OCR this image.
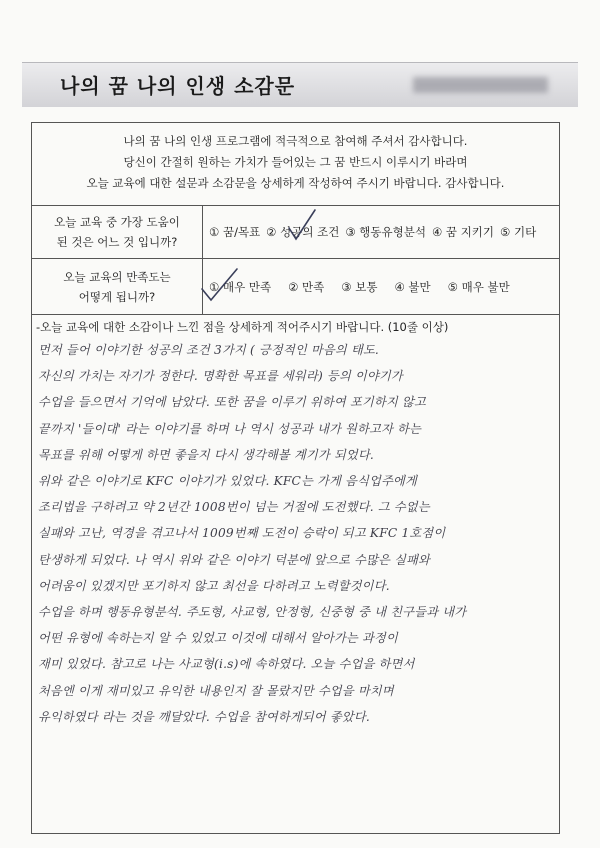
나의 꿈 나의 인생 소감문
나의 꿈 나의 인생 프로그램에 적극적으로 참여해 주셔서 감사합니다.
당신이 간절히 원하는 가치가 들어있는 그 꿈 반드시 이루시기 바라며
오늘 교육에 대한 설문과 소감문을 상세하게 작성하여 주시기 바랍니다. 감사합니다.
오늘 교육 중 가장 도움이
된 것은 어느 것 입니까?
① 꿈/목표 ② 성공의 조건 ③ 행동유형분석 ④ 꿈 지키기 ⑤ 기타
오늘 교육의 만족도는
어떻게 됩니까?
① 매우 만족 ② 만족 ③ 보통 ④ 불만 ⑤ 매우 불만
-오늘 교육에 대한 소감이나 느낀 점을 상세하게 적어주시기 바랍니다. (10줄 이상)
먼저 들어 이야기한 성공의 조건 3가지 ( 긍정적인 마음의 태도.
자신의 가치는 자기가 정한다. 명확한 목표를 세워라) 등의 이야기가
수업을 들으면서 기억에 남았다. 또한 꿈을 이루기 위하여 포기하지 않고
끝까지 '들이대' 라는 이야기를 하며 나 역시 성공과 내가 원하고자 하는
목표를 위해 어떻게 하면 좋을지 다시 생각해볼 계기가 되었다.
위와 같은 이야기로 KFC 이야기가 있었다. KFC는 가게 음식업주에게
조리법을 구하려고 약 2년간 1008번이 넘는 거절에 도전했다. 그 수없는
실패와 고난, 역경을 겪고나서 1009번째 도전이 승락이 되고 KFC 1호점이
탄생하게 되었다. 나 역시 위와 같은 이야기 덕분에 앞으로 수많은 실패와
어려움이 있겠지만 포기하지 않고 최선을 다하려고 노력할것이다.
수업을 하며 행동유형분석. 주도형, 사교형, 안정형, 신중형 중 내 친구들과 내가
어떤 유형에 속하는지 알 수 있었고 이것에 대해서 알아가는 과정이
재미 있었다. 참고로 나는 사교형(i.s)에 속하였다. 오늘 수업을 하면서
처음엔 이게 재미있고 유익한 내용인지 잘 몰랐지만 수업을 마치며
유익하였다 라는 것을 깨달았다. 수업을 참여하게되어 좋았다.
